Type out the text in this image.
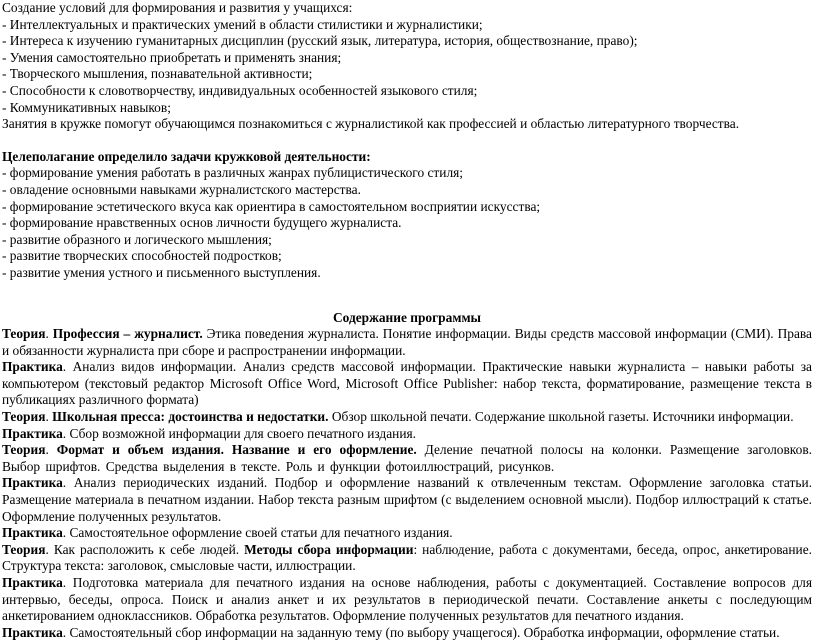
Создание условий для формирования и развития у учащихся:
- Интеллектуальных и практических умений в области стилистики и журналистики;
- Интереса к изучению гуманитарных дисциплин (русский язык, литература, история, обществознание, право);
- Умения самостоятельно приобретать и применять знания;
- Творческого мышления, познавательной активности;
- Способности к словотворчеству, индивидуальных особенностей языкового стиля;
- Коммуникативных навыков;
Занятия в кружке помогут обучающимся познакомиться с журналистикой как профессией и областью литературного творчества.
Целеполагание определило задачи кружковой деятельности:
- формирование умения работать в различных жанрах публицистического стиля;
- овладение основными навыками журналистского мастерства.
- формирование эстетического вкуса как ориентира в самостоятельном восприятии искусства;
- формирование нравственных основ личности будущего журналиста.
- развитие образного и логического мышления;
- развитие творческих способностей подростков;
- развитие умения устного и письменного выступления.
Содержание программы

Теория. Профессия – журналист. Этика поведения журналиста. Понятие информации. Виды средств массовой информации (СМИ). Права и обязанности журналиста при сборе и распространении информации.

Практика. Анализ видов информации. Анализ средств массовой информации. Практические навыки журналиста – навыки работы за компьютером (текстовый редактор Microsoft Office Word, Microsoft Office Publisher: набор текста, форматирование, размещение текста в публикациях различного формата)

Теория. Школьная пресса: достоинства и недостатки. Обзор школьной печати. Содержание школьной газеты. Источники информации.

Практика. Сбор возможной информации для своего печатного издания.

Теория. Формат и объем издания. Название и его оформление. Деление печатной полосы на колонки. Размещение заголовков. Выбор шрифтов. Средства выделения в тексте. Роль и функции фотоиллюстраций, рисунков.

Практика. Анализ периодических изданий. Подбор и оформление названий к отвлеченным текстам. Оформление заголовка статьи. Размещение материала в печатном издании. Набор текста разным шрифтом (с выделением основной мысли). Подбор иллюстраций к статье. Оформление полученных результатов.

Практика. Самостоятельное оформление своей статьи для печатного издания.

Теория. Как расположить к себе людей. Методы сбора информации: наблюдение, работа с документами, беседа, опрос, анкетирование. Структура текста: заголовок, смысловые части, иллюстрации.

Практика. Подготовка материала для печатного издания на основе наблюдения, работы с документацией. Составление вопросов для интервью, беседы, опроса. Поиск и анализ анкет и их результатов в периодической печати. Составление анкеты с последующим анкетированием одноклассников. Обработка результатов. Оформление полученных результатов для печатного издания.

Практика. Самостоятельный сбор информации на заданную тему (по выбору учащегося). Обработка информации, оформление статьи.
